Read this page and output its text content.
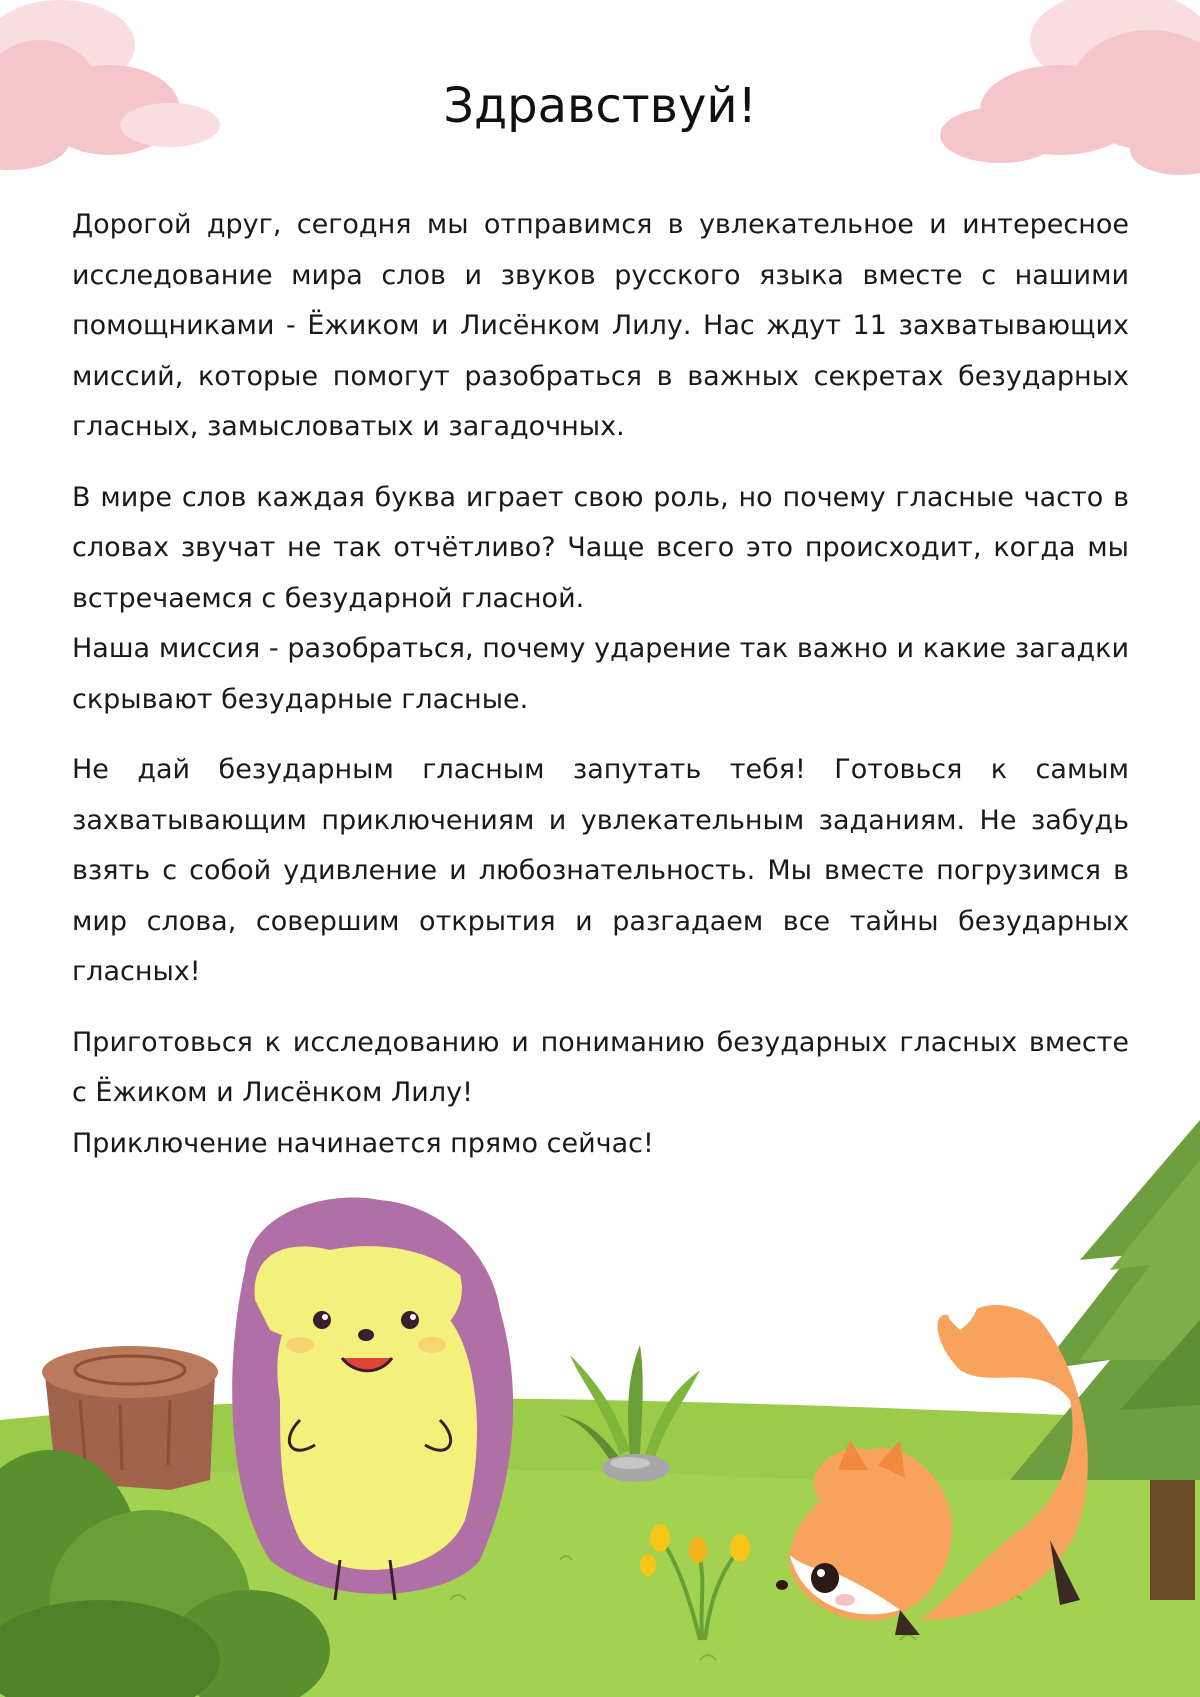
Здравствуй!

Дорогой друг, сегодня мы отправимся в увлекательное и интересное исследование мира слов и звуков русского языка вместе с нашими помощниками - Ёжиком и Лисёнком Лилу. Нас ждут 11 захватывающих миссий, которые помогут разобраться в важных секретах безударных гласных, замысловатых и загадочных.

В мире слов каждая буква играет свою роль, но почему гласные часто в словах звучат не так отчётливо? Чаще всего это происходит, когда мы встречаемся с безударной гласной.
Наша миссия - разобраться, почему ударение так важно и какие загадки скрывают безударные гласные.

Не дай безударным гласным запутать тебя! Готовься к самым захватывающим приключениям и увлекательным заданиям. Не забудь взять с собой удивление и любознательность. Мы вместе погрузимся в мир слова, совершим открытия и разгадаем все тайны безударных гласных!

Приготовься к исследованию и пониманию безударных гласных вместе с Ёжиком и Лисёнком Лилу!
Приключение начинается прямо сейчас!
